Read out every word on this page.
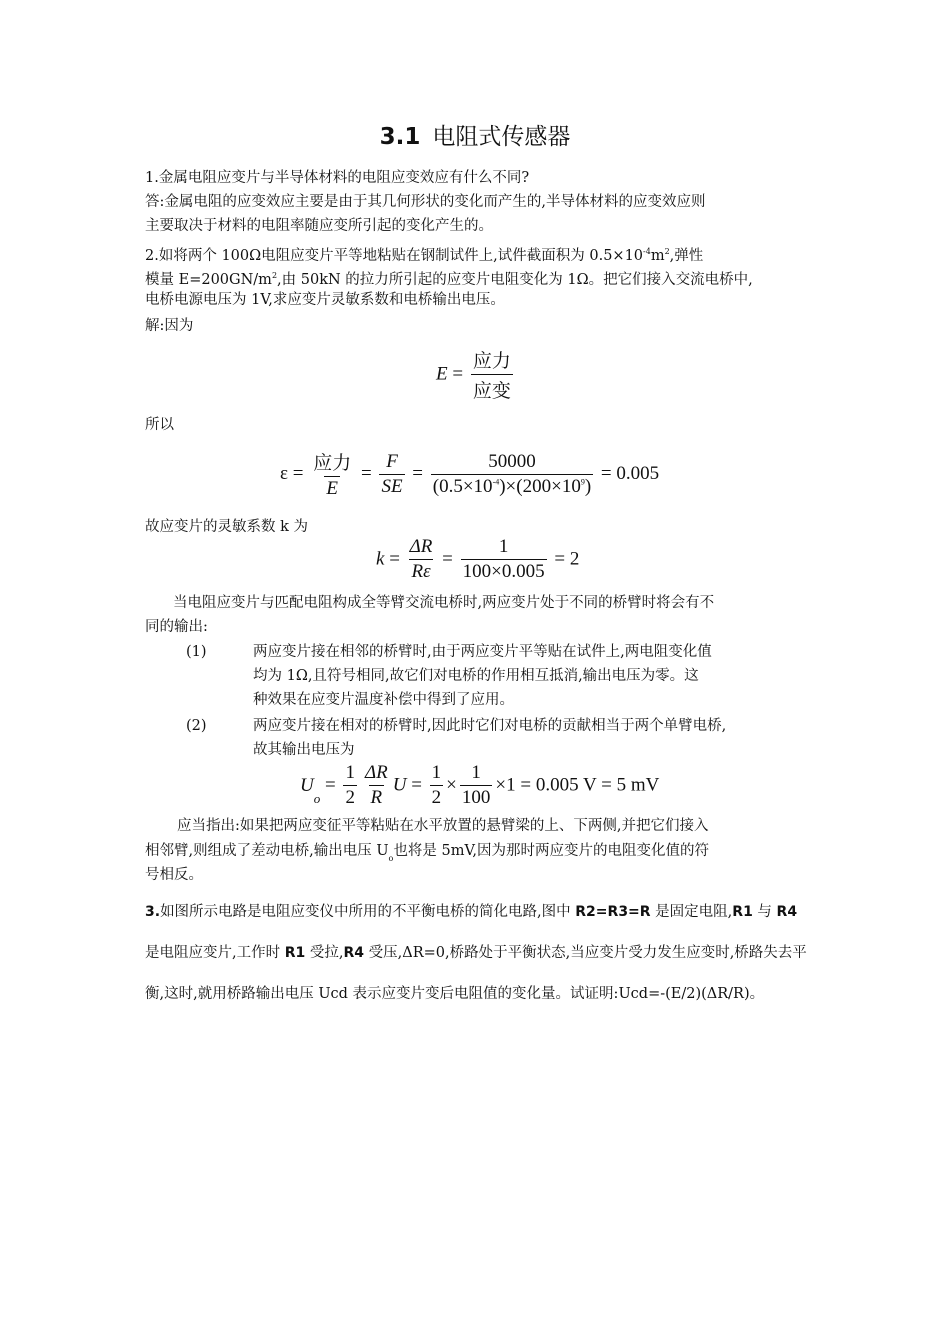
3.1 电阻式传感器
1.金属电阻应变片与半导体材料的电阻应变效应有什么不同?
答:金属电阻的应变效应主要是由于其几何形状的变化而产生的,半导体材料的应变效应则
主要取决于材料的电阻率随应变所引起的变化产生的。
2.如将两个 100Ω电阻应变片平等地粘贴在钢制试件上,试件截面积为 $0.5\times 10^{-4}m^2$,弹性
模量 $E=200GN/m^2$,由 50kN 的拉力所引起的应变片电阻变化为 1Ω。把它们接入交流电桥中,
电桥电源电压为 1V,求应变片灵敏系数和电桥输出电压。
解:因为
$E = \frac{\text{应力}}{\text{应变}}$
所以
$\varepsilon = \frac{\text{应力}}{E} = \frac{F}{SE} = \frac{50000}{(0.5\times 10^{-4})\times(200\times 10^9)} = 0.005$
故应变片的灵敏系数 k 为
$k = \frac{\Delta R}{R\varepsilon} = \frac{1}{100\times 0.005} = 2$
当电阻应变片与匹配电阻构成全等臂交流电桥时,两应变片处于不同的桥臂时将会有不
同的输出:
(1)	两应变片接在相邻的桥臂时,由于两应变片平等贴在试件上,两电阻变化值
均为 1Ω,且符号相同,故它们对电桥的作用相互抵消,输出电压为零。这
种效果在应变片温度补偿中得到了应用。
(2)	两应变片接在相对的桥臂时,因此时它们对电桥的贡献相当于两个单臂电桥,
故其输出电压为
$U_o = \frac{1}{2} \frac{\Delta R}{R}$ $U = \frac{1}{2} \times \frac{1}{100} \times 1 = 0.005$ V = 5 mV
应当指出:如果把两应变征平等粘贴在水平放置的悬臂梁的上、下两侧,并把它们接入
相邻臂,则组成了差动电桥,输出电压 $U_o$也将是 5mV,因为那时两应变片的电阻变化值的符
号相反。
3.如图所示电路是电阻应变仪中所用的不平衡电桥的简化电路,图中 R2=R3=R 是固定电阻,R1 与 R4 是电阻应变片,工作时 R1 受拉,R4 受压,ΔR=0,桥路处于平衡状态,当应变片受力发生应变时,桥路失去平衡,这时,就用桥路输出电压 Ucd 表示应变片变后电阻值的变化量。试证明:Ucd=-(E/2)(ΔR/R)。
